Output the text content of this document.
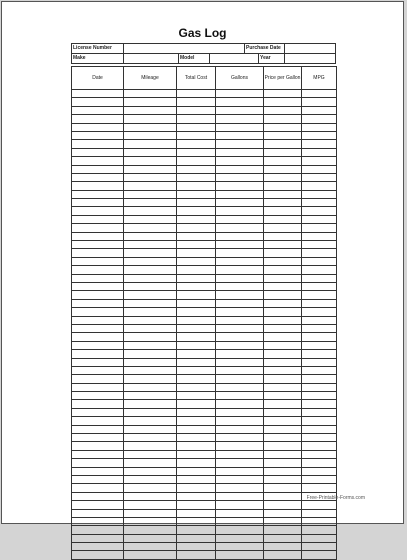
Gas Log
License Number				Purchase Date		
Make		Model			Year	
Date	Mileage	Total Cost	Gallons	Price per Gallon	MPG

Free-Printable-Forms.com
